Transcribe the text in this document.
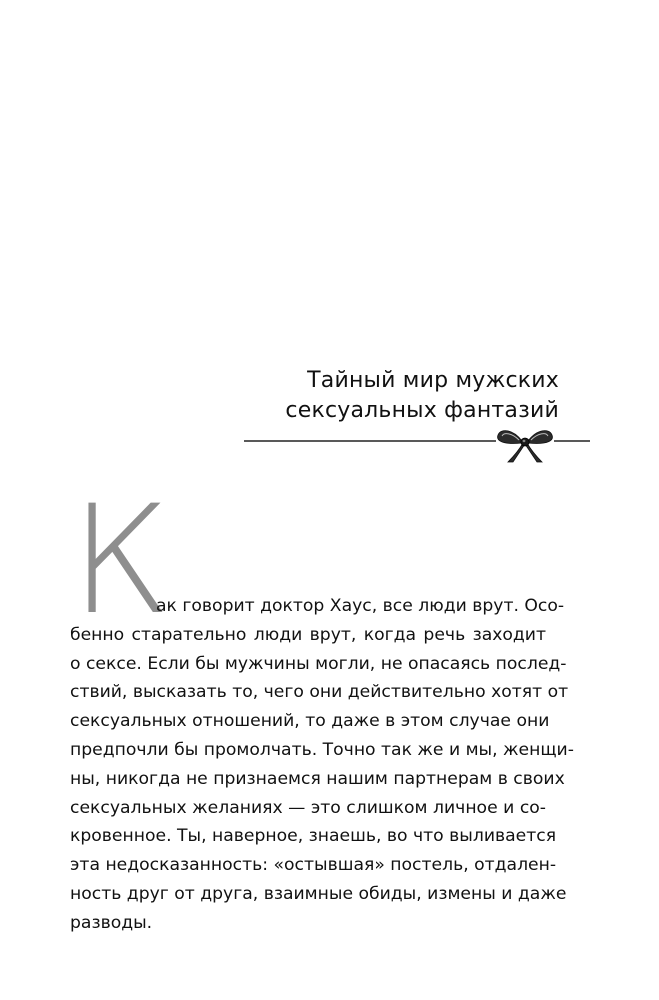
Тайный мир мужских
сексуальных фантазий
К
ак говорит доктор Хаус, все люди врут. Осо-
бенно старательно люди врут, когда речь заходит
о сексе. Если бы мужчины могли, не опасаясь послед-
ствий, высказать то, чего они действительно хотят от
сексуальных отношений, то даже в этом случае они
предпочли бы промолчать. Точно так же и мы, женщи-
ны, никогда не признаемся нашим партнерам в своих
сексуальных желаниях — это слишком личное и со-
кровенное. Ты, наверное, знаешь, во что выливается
эта недосказанность: «остывшая» постель, отдален-
ность друг от друга, взаимные обиды, измены и даже
разводы.
